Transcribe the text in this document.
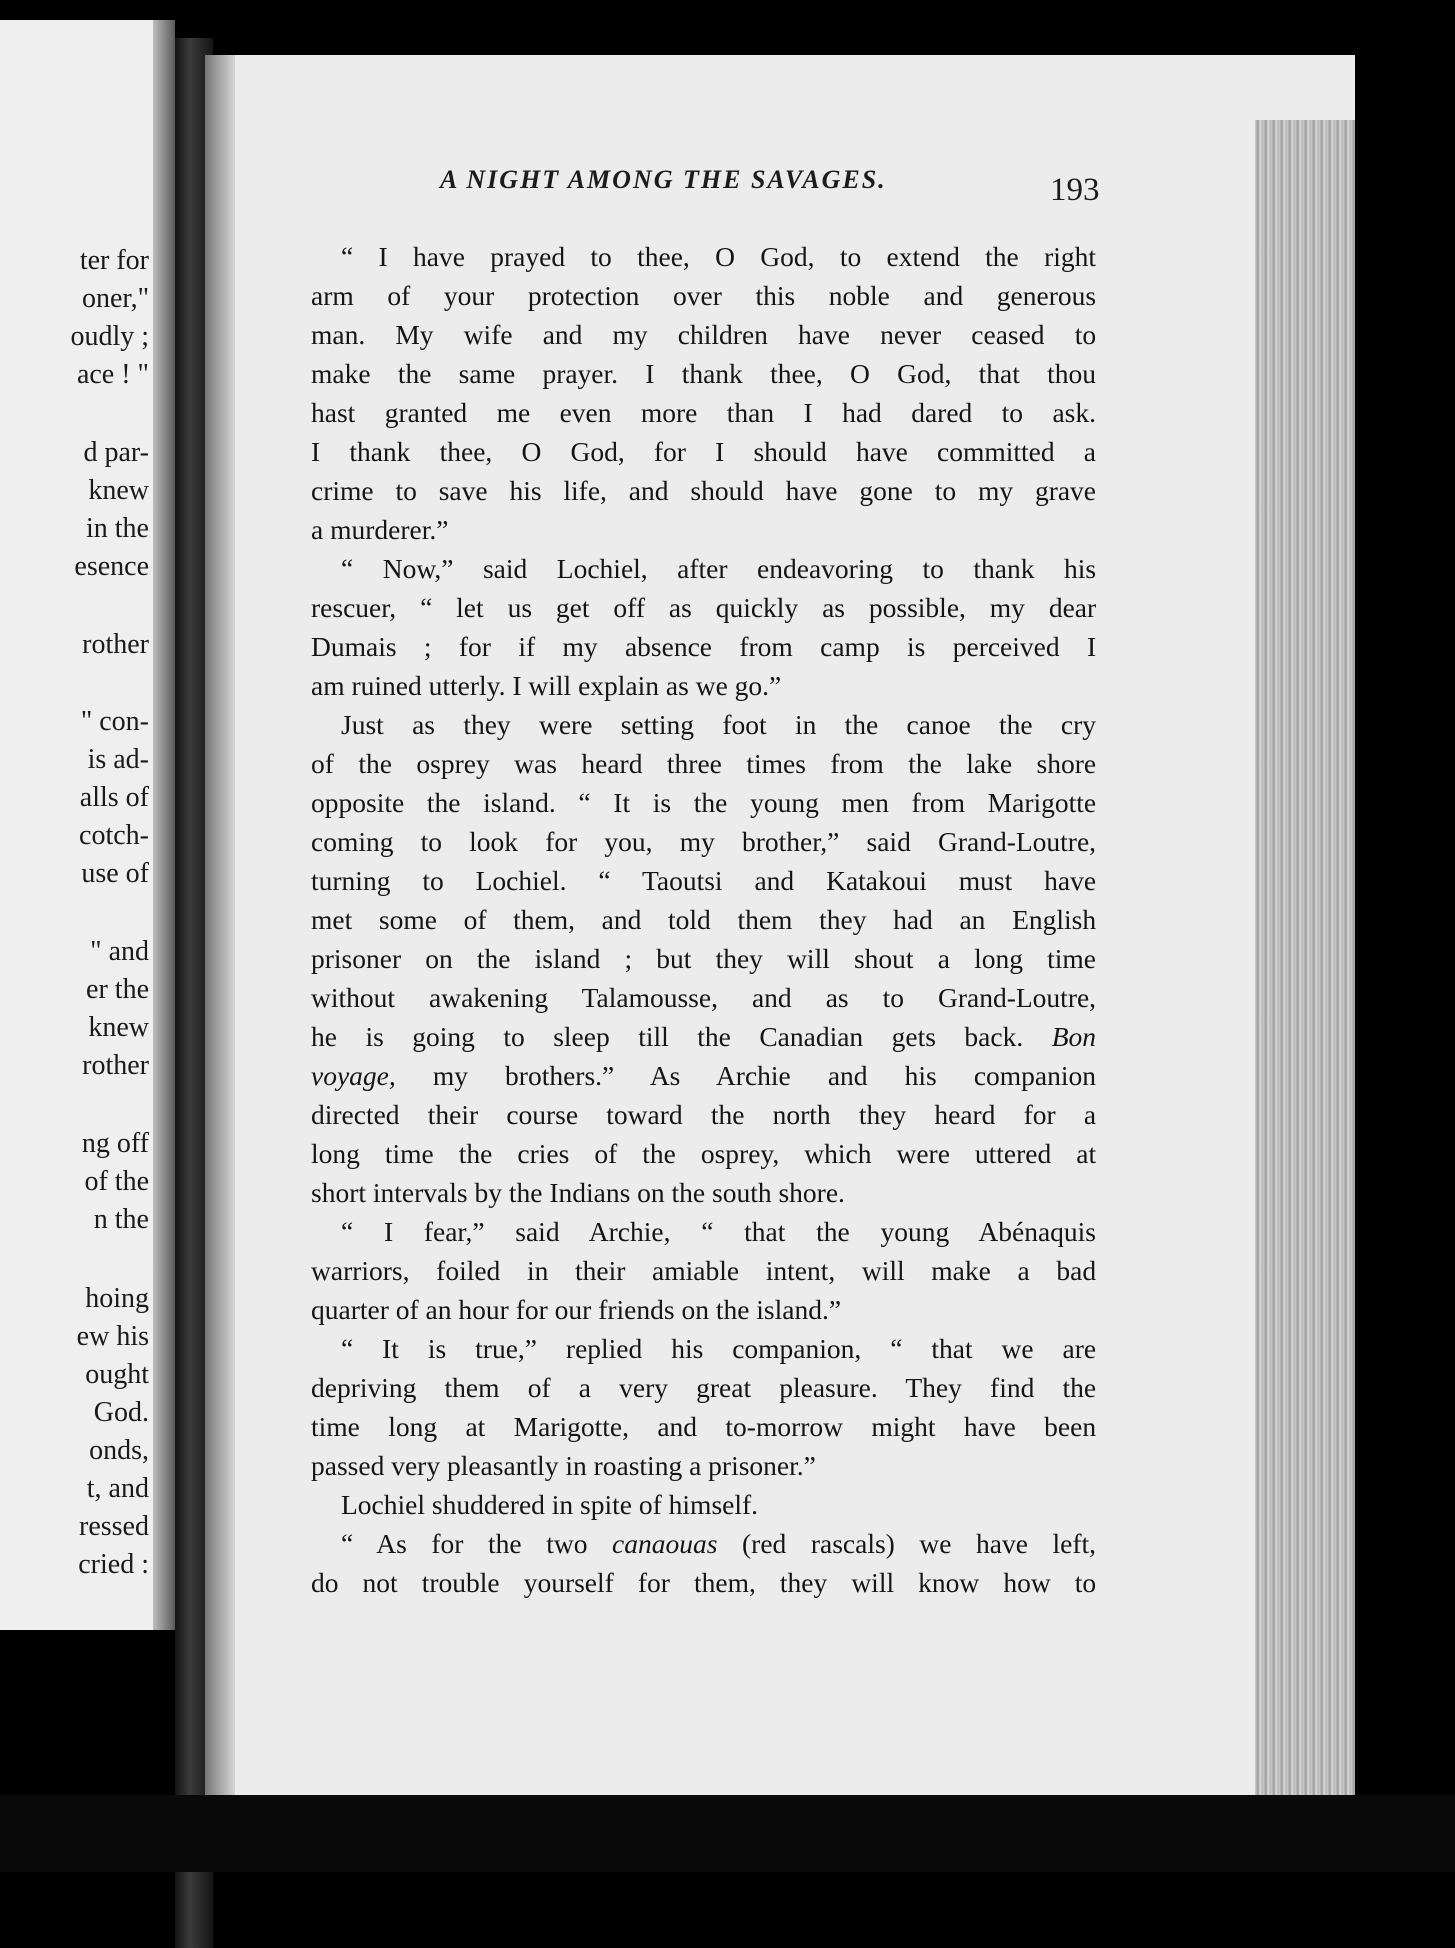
ter for
oner,"
oudly ;
ace ! "
d par-
knew
in the
esence
rother
" con-
is ad-
alls of
cotch-
use of
" and
er the
knew
rother
ng off
of the
n the
hoing
ew his
ought
God.
onds,
t, and
ressed
cried :
A NIGHT AMONG THE SAVAGES.	193
“ I have prayed to thee, O God, to extend the right
arm of your protection over this noble and generous
man. My wife and my children have never ceased to
make the same prayer. I thank thee, O God, that thou
hast granted me even more than I had dared to ask.
I thank thee, O God, for I should have committed a
crime to save his life, and should have gone to my grave
a murderer.”
“ Now,” said Lochiel, after endeavoring to thank his
rescuer, “ let us get off as quickly as possible, my dear
Dumais ; for if my absence from camp is perceived I
am ruined utterly. I will explain as we go.”
Just as they were setting foot in the canoe the cry
of the osprey was heard three times from the lake shore
opposite the island. “ It is the young men from Marigotte
coming to look for you, my brother,” said Grand-Loutre,
turning to Lochiel. “ Taoutsi and Katakoui must have
met some of them, and told them they had an English
prisoner on the island ; but they will shout a long time
without awakening Talamousse, and as to Grand-Loutre,
he is going to sleep till the Canadian gets back. Bon
voyage, my brothers.” As Archie and his companion
directed their course toward the north they heard for a
long time the cries of the osprey, which were uttered at
short intervals by the Indians on the south shore.
“ I fear,” said Archie, “ that the young Abénaquis
warriors, foiled in their amiable intent, will make a bad
quarter of an hour for our friends on the island.”
“ It is true,” replied his companion, “ that we are
depriving them of a very great pleasure. They find the
time long at Marigotte, and to-morrow might have been
passed very pleasantly in roasting a prisoner.”
Lochiel shuddered in spite of himself.
“ As for the two canaouas (red rascals) we have left,
do not trouble yourself for them, they will know how to
